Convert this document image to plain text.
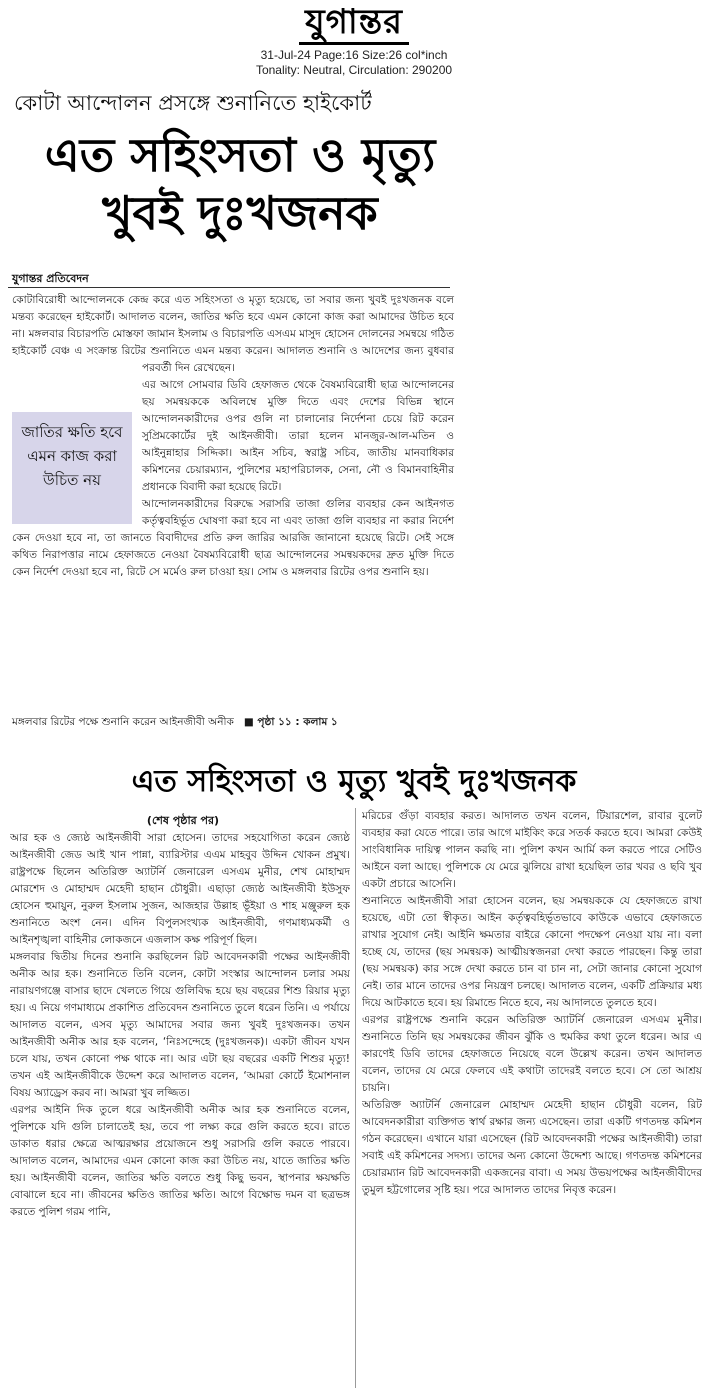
যুগান্তর
31-Jul-24 Page:16 Size:26 col*inch
Tonality: Neutral, Circulation: 290200
কোটা আন্দোলন প্রসঙ্গে শুনানিতে হাইকোর্ট
এত সহিংসতা ও মৃত্যু খুবই দুঃখজনক
যুগান্তর প্রতিবেদন

কোটাবিরোধী আন্দোলনকে কেন্দ্র করে এত সহিংসতা ও মৃত্যু হয়েছে, তা সবার জন্য খুবই দুঃখজনক বলে মন্তব্য করেছেন হাইকোর্ট। আদালত বলেন, জাতির ক্ষতি হবে এমন কোনো কাজ করা আমাদের উচিত হবে না। মঙ্গলবার বিচারপতি মোস্তফা জামান ইসলাম ও বিচারপতি এসএম মাসুদ হোসেন দোলনের সমন্বয়ে গঠিত হাইকোর্ট বেঞ্চ এ সংক্রান্ত রিটের শুনানিতে এমন মন্তব্য করেন। আদালত শুনানি ও আদেশের জন্য বুধবার পরবর্তী দিন রেখেছেন।

জাতির ক্ষতি হবে এমন কাজ করা উচিত নয়

এর আগে সোমবার ডিবি হেফাজত থেকে বৈষম্যবিরোধী ছাত্র আন্দোলনের ছয় সমন্বয়ককে অবিলম্বে মুক্তি দিতে এবং দেশের বিভিন্ন স্থানে আন্দোলনকারীদের ওপর গুলি না চালানোর নির্দেশনা চেয়ে রিট করেন সুপ্রিমকোর্টের দুই আইনজীবী। তারা হলেন মানজুর-আল-মতিন ও আইনুন্নাহার সিদ্দিকা। আইন সচিব, স্বরাষ্ট্র সচিব, জাতীয় মানবাধিকার কমিশনের চেয়ারম্যান, পুলিশের মহাপরিচালক, সেনা, নৌ ও বিমানবাহিনীর প্রধানকে বিবাদী করা হয়েছে রিটে।

আন্দোলনকারীদের বিরুদ্ধে সরাসরি তাজা গুলির ব্যবহার কেন আইনগত কর্তৃত্ববহির্ভূত ঘোষণা করা হবে না এবং তাজা গুলি ব্যবহার না করার নির্দেশ কেন দেওয়া হবে না, তা জানতে বিবাদীদের প্রতি রুল জারির আরজি জানানো হয়েছে রিটে। সেই সঙ্গে কথিত নিরাপত্তার নামে হেফাজতে নেওয়া বৈষম্যবিরোধী ছাত্র আন্দোলনের সমন্বয়কদের দ্রুত মুক্তি দিতে কেন নির্দেশ দেওয়া হবে না, রিটে সে মর্মেও রুল চাওয়া হয়। সোম ও মঙ্গলবার রিটের ওপর শুনানি হয়।

মঙ্গলবার রিটের পক্ষে শুনানি করেন আইনজীবী অনীক ■ পৃষ্ঠা ১১ : কলাম ১
এত সহিংসতা ও মৃত্যু খুবই দুঃখজনক
(শেষ পৃষ্ঠার পর)

আর হক ও জ্যেষ্ঠ আইনজীবী সারা হোসেন। তাদের সহযোগিতা করেন জ্যেষ্ঠ আইনজীবী জেড আই খান পান্না, ব্যারিস্টার এএম মাহবুব উদ্দিন খোকন প্রমুখ। রাষ্ট্রপক্ষে ছিলেন অতিরিক্ত অ্যাটর্নি জেনারেল এসএম মুনীর, শেখ মোহাম্মদ মোরশেদ ও মোহাম্মদ মেহেদী হাছান চৌধুরী। এছাড়া জ্যেষ্ঠ আইনজীবী ইউসুফ হোসেন হুমায়ুন, নুরুল ইসলাম সুজন, আজহার উল্লাহ ভূঁইয়া ও শাহ মঞ্জুরুল হক শুনানিতে অংশ নেন। এদিন বিপুলসংখ্যক আইনজীবী, গণমাধ্যমকর্মী ও আইনশৃঙ্খলা বাহিনীর লোকজনে এজলাস কক্ষ পরিপূর্ণ ছিল।

মঙ্গলবার দ্বিতীয় দিনের শুনানি করছিলেন রিট আবেদনকারী পক্ষের আইনজীবী অনীক আর হক। শুনানিতে তিনি বলেন, কোটা সংস্কার আন্দোলন চলার সময় নারায়ণগঞ্জে বাসার ছাদে খেলতে গিয়ে গুলিবিদ্ধ হয়ে ছয় বছরের শিশু রিয়ার মৃত্যু হয়। এ নিয়ে গণমাধ্যমে প্রকাশিত প্রতিবেদন শুনানিতে তুলে ধরেন তিনি। এ পর্যায়ে আদালত বলেন, এসব মৃত্যু আমাদের সবার জন্য খুবই দুঃখজনক। তখন আইনজীবী অনীক আর হক বলেন, ‘নিঃসন্দেহে (দুঃখজনক)। একটা জীবন যখন চলে যায়, তখন কোনো পক্ষ থাকে না। আর এটা ছয় বছরের একটি শিশুর মৃত্যু! তখন এই আইনজীবীকে উদ্দেশ করে আদালত বলেন, ‘আমরা কোর্টে ইমোশনাল বিষয় অ্যাড্রেস করব না। আমরা খুব লজ্জিত।

এরপর আইনি দিক তুলে ধরে আইনজীবী অনীক আর হক শুনানিতে বলেন, পুলিশকে যদি গুলি চালাতেই হয়, তবে পা লক্ষ্য করে গুলি করতে হবে। রাতে ডাকাত ধরার ক্ষেত্রে আত্মরক্ষার প্রয়োজনে শুধু সরাসরি গুলি করতে পারবে। আদালত বলেন, আমাদের এমন কোনো কাজ করা উচিত নয়, যাতে জাতির ক্ষতি হয়। আইনজীবী বলেন, জাতির ক্ষতি বলতে শুধু কিছু ভবন, স্থাপনার ক্ষয়ক্ষতি বোঝালে হবে না। জীবনের ক্ষতিও জাতির ক্ষতি। আগে বিক্ষোভ দমন বা ছত্রভঙ্গ করতে পুলিশ গরম পানি,

মরিচের গুঁড়া ব্যবহার করত। আদালত তখন বলেন, টিয়ারশেল, রাবার বুলেট ব্যবহার করা যেতে পারে। তার আগে মাইকিং করে সতর্ক করতে হবে। আমরা কেউই সাংবিধানিক দায়িত্ব পালন করছি না। পুলিশ কখন আর্মি কল করতে পারে সেটিও আইনে বলা আছে। পুলিশকে যে মেরে ঝুলিয়ে রাখা হয়েছিল তার খবর ও ছবি খুব একটা প্রচারে আসেনি।

শুনানিতে আইনজীবী সারা হোসেন বলেন, ছয় সমন্বয়ককে যে হেফাজতে রাখা হয়েছে, এটা তো স্বীকৃত। আইন কর্তৃত্ববহির্ভূতভাবে কাউকে এভাবে হেফাজতে রাখার সুযোগ নেই। আইনি ক্ষমতার বাইরে কোনো পদক্ষেপ নেওয়া যায় না। বলা হচ্ছে যে, তাদের (ছয় সমন্বয়ক) আত্মীয়স্বজনরা দেখা করতে পারছেন। কিন্তু তারা (ছয় সমন্বয়ক) কার সঙ্গে দেখা করতে চান বা চান না, সেটা জানার কোনো সুযোগ নেই। তার মানে তাদের ওপর নিয়ন্ত্রণ চলছে। আদালত বলেন, একটি প্রক্রিয়ার মধ্য দিয়ে আটকাতে হবে। হয় রিমান্ডে নিতে হবে, নয় আদালতে তুলতে হবে।

এরপর রাষ্ট্রপক্ষে শুনানি করেন অতিরিক্ত অ্যাটর্নি জেনারেল এসএম মুনীর। শুনানিতে তিনি ছয় সমন্বয়কের জীবন ঝুঁকি ও হুমকির কথা তুলে ধরেন। আর এ কারণেই ডিবি তাদের হেফাজতে নিয়েছে বলে উল্লেখ করেন। তখন আদালত বলেন, তাদের যে মেরে ফেলবে এই কথাটা তাদেরই বলতে হবে। সে তো আশ্রয় চায়নি।

অতিরিক্ত অ্যাটর্নি জেনারেল মোহাম্মদ মেহেদী হাছান চৌধুরী বলেন, রিট আবেদনকারীরা ব্যক্তিগত স্বার্থ রক্ষার জন্য এসেছেন। তারা একটি গণতদন্ত কমিশন গঠন করেছেন। এখানে যারা এসেছেন (রিট আবেদনকারী পক্ষের আইনজীবী) তারা সবাই এই কমিশনের সদস্য। তাদের অন্য কোনো উদ্দেশ্য আছে। গণতদন্ত কমিশনের চেয়ারম্যান রিট আবেদনকারী একজনের বাবা। এ সময় উভয়পক্ষের আইনজীবীদের তুমুল হট্টগোলের সৃষ্টি হয়। পরে আদালত তাদের নিবৃত্ত করেন।
